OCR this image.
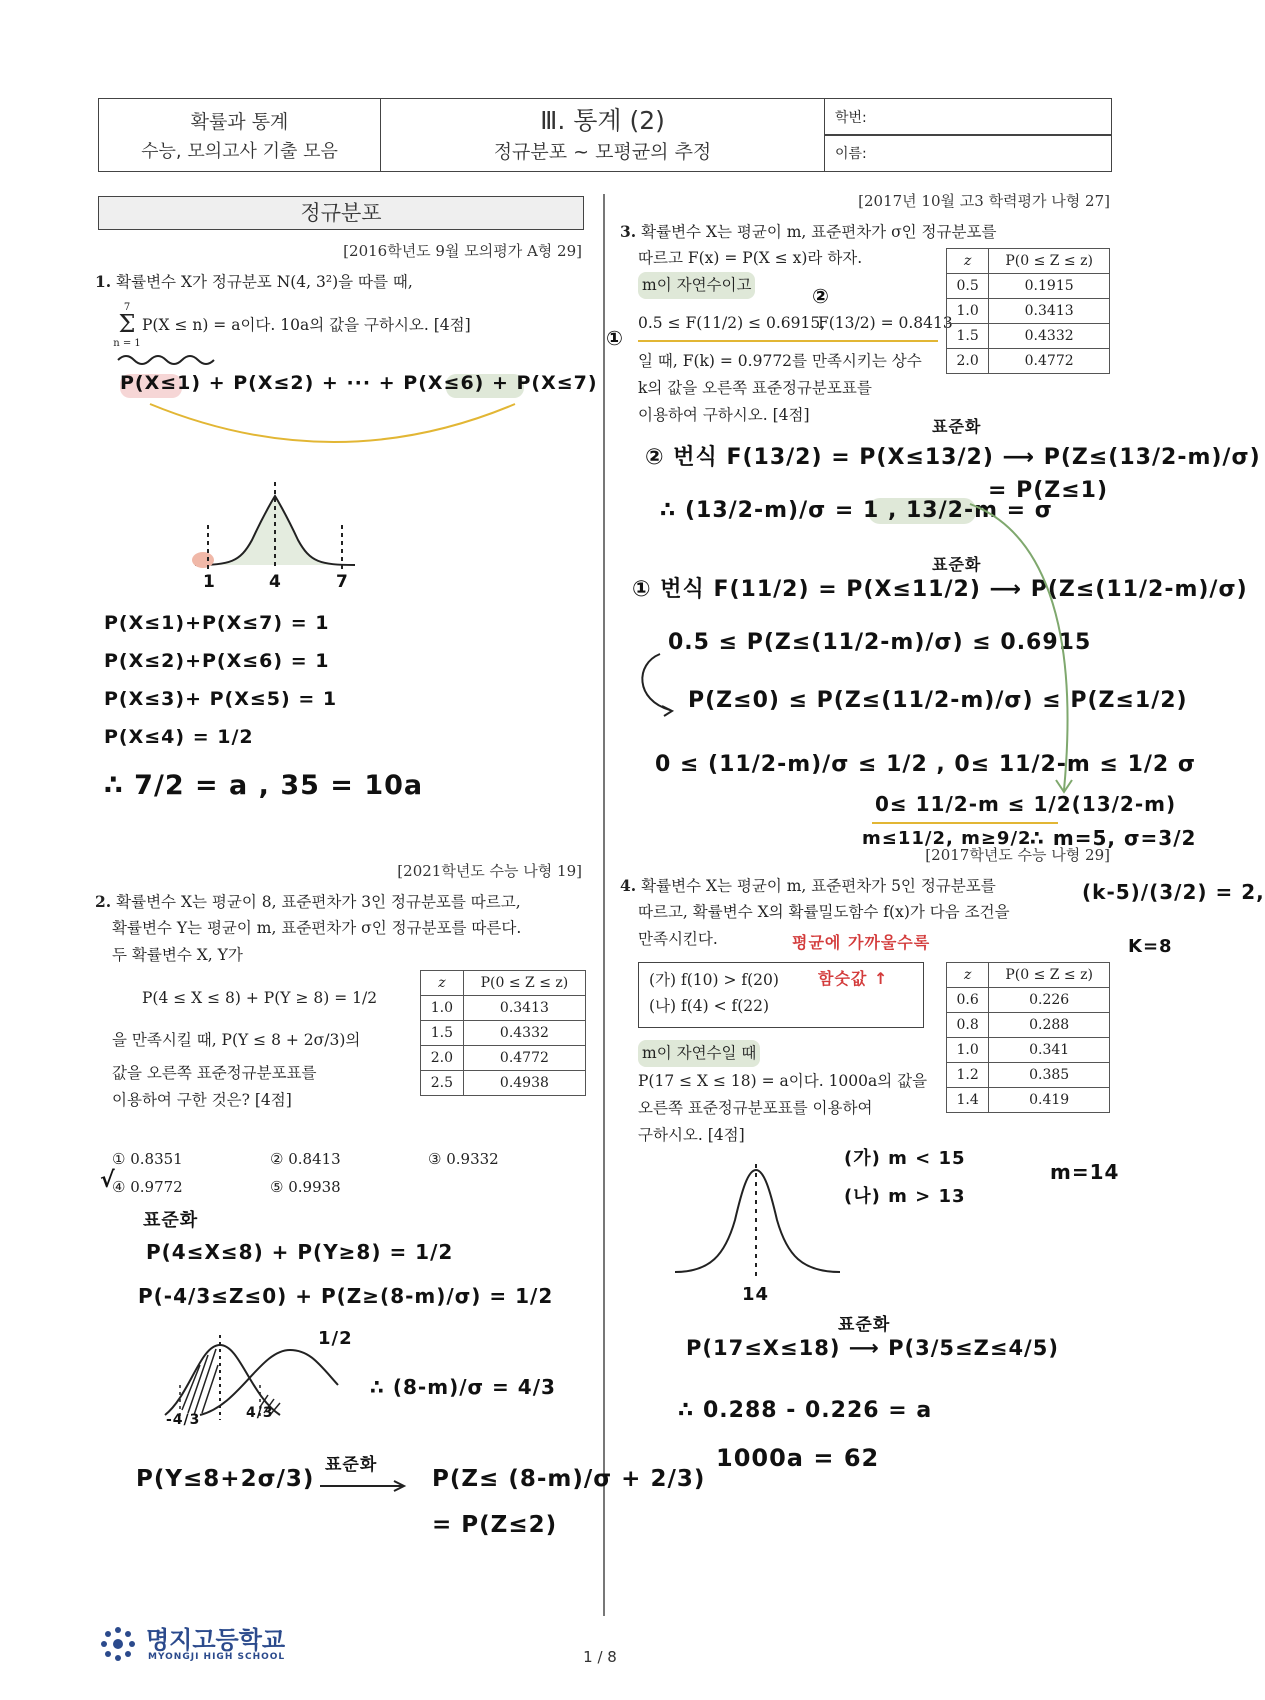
확률과 통계
수능, 모의고사 기출 모음
Ⅲ. 통계 (2)
정규분포 ~ 모평균의 추정
학번:
이름:
정규분포
[2016학년도 9월 모의평가 A형 29]
1. 확률변수 X가 정규분포 N(4, 3²)을 따를 때,
7
Σ
n = 1
P(X ≤ n) = a이다. 10a의 값을 구하시오. [4점]
P(X≤1) + P(X≤2) + ··· + P(X≤6) + P(X≤7)
1	4	7
P(X≤1)+P(X≤7) = 1
P(X≤2)+P(X≤6) = 1
P(X≤3)+ P(X≤5) = 1
P(X≤4) = 1/2
∴ 7/2 = a , 35 = 10a
[2021학년도 수능 나형 19]
2. 확률변수 X는 평균이 8, 표준편차가 3인 정규분포를 따르고,
확률변수 Y는 평균이 m, 표준편차가 σ인 정규분포를 따른다.
두 확률변수 X, Y가
P(4 ≤ X ≤ 8) + P(Y ≥ 8) = 1/2
을 만족시킬 때, P(Y ≤ 8 + 2σ/3)의
값을 오른쪽 표준정규분포표를
이용하여 구한 것은? [4점]
z	P(0 ≤ Z ≤ z)
1.0	0.3413
1.5	0.4332
2.0	0.4772
2.5	0.4938
① 0.8351	② 0.8413	③ 0.9332
④ 0.9772	⑤ 0.9938
√
표준화
P(4≤X≤8) + P(Y≥8) = 1/2
P(-4/3≤Z≤0) + P(Z≥(8-m)/σ) = 1/2
1/2
-4/3	4/3
∴ (8-m)/σ = 4/3
표준화
P(Y≤8+2σ/3)	P(Z≤ (8-m)/σ + 2/3)
= P(Z≤2)
[2017년 10월 고3 학력평가 나형 27]
3. 확률변수 X는 평균이 m, 표준편차가 σ인 정규분포를
따르고 F(x) = P(X ≤ x)라 하자.
m이 자연수이고
0.5 ≤ F(11/2) ≤ 0.6915,
F(13/2) = 0.8413
①
②
일 때, F(k) = 0.9772를 만족시키는 상수
k의 값을 오른쪽 표준정규분포표를
이용하여 구하시오. [4점]
z	P(0 ≤ Z ≤ z)
0.5	0.1915
1.0	0.3413
1.5	0.4332
2.0	0.4772
표준화
② 번식 F(13/2) = P(X≤13/2) ⟶ P(Z≤(13/2-m)/σ)
= P(Z≤1)
∴ (13/2-m)/σ = 1 , 13/2-m = σ
표준화
① 번식 F(11/2) = P(X≤11/2) ⟶ P(Z≤(11/2-m)/σ)
0.5 ≤ P(Z≤(11/2-m)/σ) ≤ 0.6915
P(Z≤0) ≤ P(Z≤(11/2-m)/σ) ≤ P(Z≤1/2)
0 ≤ (11/2-m)/σ ≤ 1/2 , 0≤ 11/2-m ≤ 1/2 σ
0≤ 11/2-m ≤ 1/2(13/2-m)
m≤11/2, m≥9/2
∴ m=5, σ=3/2
[2017학년도 수능 나형 29]
4. 확률변수 X는 평균이 m, 표준편차가 5인 정규분포를
따르고, 확률변수 X의 확률밀도함수 f(x)가 다음 조건을
만족시킨다.	평균에 가까울수록
(가) f(10) > f(20)
(나) f(4) < f(22)
함숫값 ↑
m이 자연수일 때
P(17 ≤ X ≤ 18) = a이다. 1000a의 값을
오른쪽 표준정규분포표를 이용하여
구하시오. [4점]
z	P(0 ≤ Z ≤ z)
0.6	0.226
0.8	0.288
1.0	0.341
1.2	0.385
1.4	0.419
(k-5)/(3/2) = 2,
K=8
(가) m < 15
(나) m > 13
m=14
14
표준화
P(17≤X≤18) ⟶ P(3/5≤Z≤4/5)
∴ 0.288 - 0.226 = a
1000a = 62
명지고등학교
MYONGJI HIGH SCHOOL	1 / 8
